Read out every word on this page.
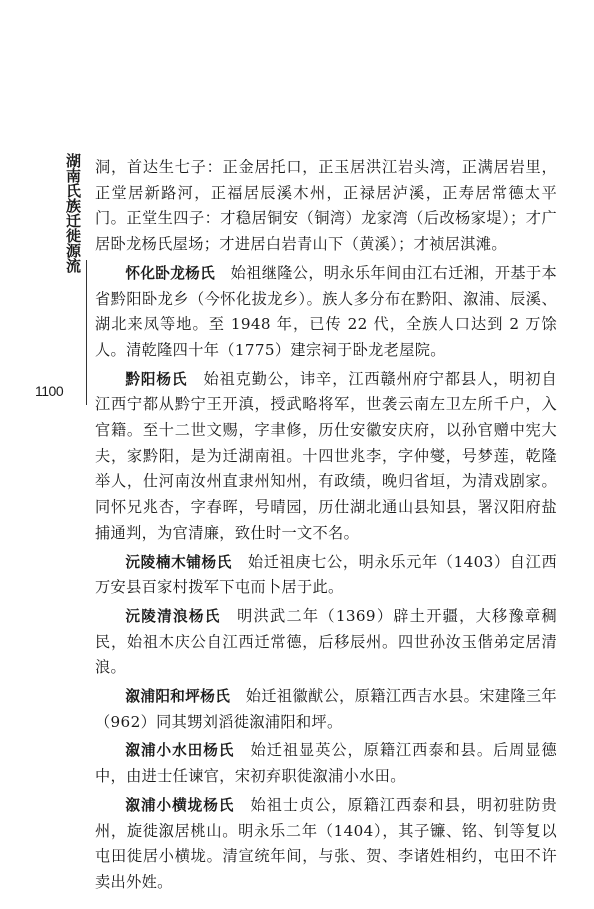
湖南氏族迁徙源流
1100

洞，首达生七子：正金居托口，正玉居洪江岩头湾，正满居岩里，正堂居新路河，正福居辰溪木州，正禄居泸溪，正寿居常德太平门。正堂生四子：才稳居铜安（铜湾）龙家湾（后改杨家堤）；才广居卧龙杨氏屋场；才进居白岩青山下（黄溪）；才祯居淇滩。

怀化卧龙杨氏  始祖继隆公，明永乐年间由江右迁湘，开基于本省黔阳卧龙乡（今怀化拔龙乡）。族人多分布在黔阳、溆浦、辰溪、湖北来凤等地。至 1948 年，已传 22 代，全族人口达到 2 万馀人。清乾隆四十年（1775）建宗祠于卧龙老屋院。

黔阳杨氏  始祖克勤公，讳辛，江西赣州府宁都县人，明初自江西宁都从黔宁王开滇，授武略将军，世袭云南左卫左所千户，入官籍。至十二世文赐，字聿修，历仕安徽安庆府，以孙官赠中宪大夫，家黔阳，是为迁湖南祖。十四世兆李，字仲燮，号梦莲，乾隆举人，仕河南汝州直隶州知州，有政绩，晚归省垣，为清戏剧家。同怀兄兆杏，字春晖，号晴园，历仕湖北通山县知县，署汉阳府盐捕通判，为官清廉，致仕时一文不名。

沅陵楠木铺杨氏  始迁祖庚七公，明永乐元年（1403）自江西万安县百家村拨军下屯而卜居于此。

沅陵清浪杨氏  明洪武二年（1369）辟土开疆，大移豫章稠民，始祖木庆公自江西迁常德，后移辰州。四世孙汝玉偕弟定居清浪。

溆浦阳和坪杨氏  始迁祖徽猷公，原籍江西吉水县。宋建隆三年（962）同其甥刘滔徙溆浦阳和坪。

溆浦小水田杨氏  始迁祖显英公，原籍江西泰和县。后周显德中，由进士任谏官，宋初弃职徙溆浦小水田。

溆浦小横垅杨氏  始祖士贞公，原籍江西泰和县，明初驻防贵州，旋徙溆居桃山。明永乐二年（1404），其子镰、铭、钊等复以屯田徙居小横垅。清宣统年间，与张、贺、李诸姓相约，屯田不许卖出外姓。
